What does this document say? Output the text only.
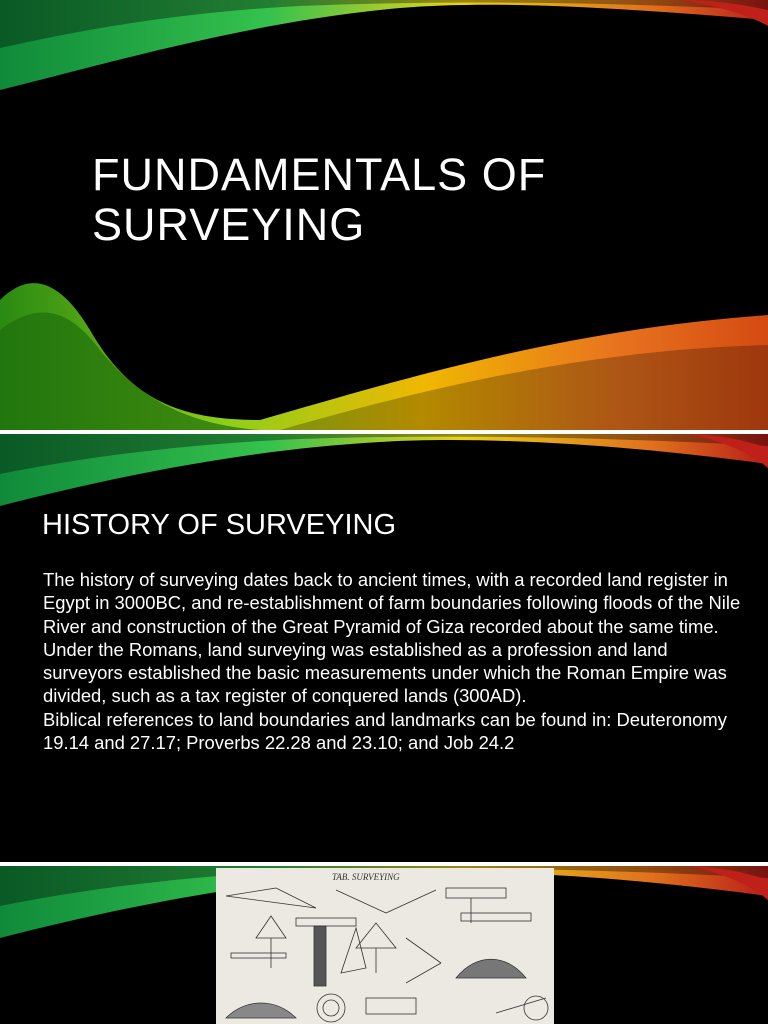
FUNDAMENTALS OF SURVEYING
HISTORY OF SURVEYING

The history of surveying dates back to ancient times, with a recorded land register in Egypt in 3000BC, and re-establishment of farm boundaries following floods of the Nile River and construction of the Great Pyramid of Giza recorded about the same time.

Under the Romans, land surveying was established as a profession and land surveyors established the basic measurements under which the Roman Empire was divided, such as a tax register of conquered lands (300AD).

Biblical references to land boundaries and landmarks can be found in: Deuteronomy 19.14 and 27.17; Proverbs 22.28 and 23.10; and Job 24.2

TAB. SURVEYING
